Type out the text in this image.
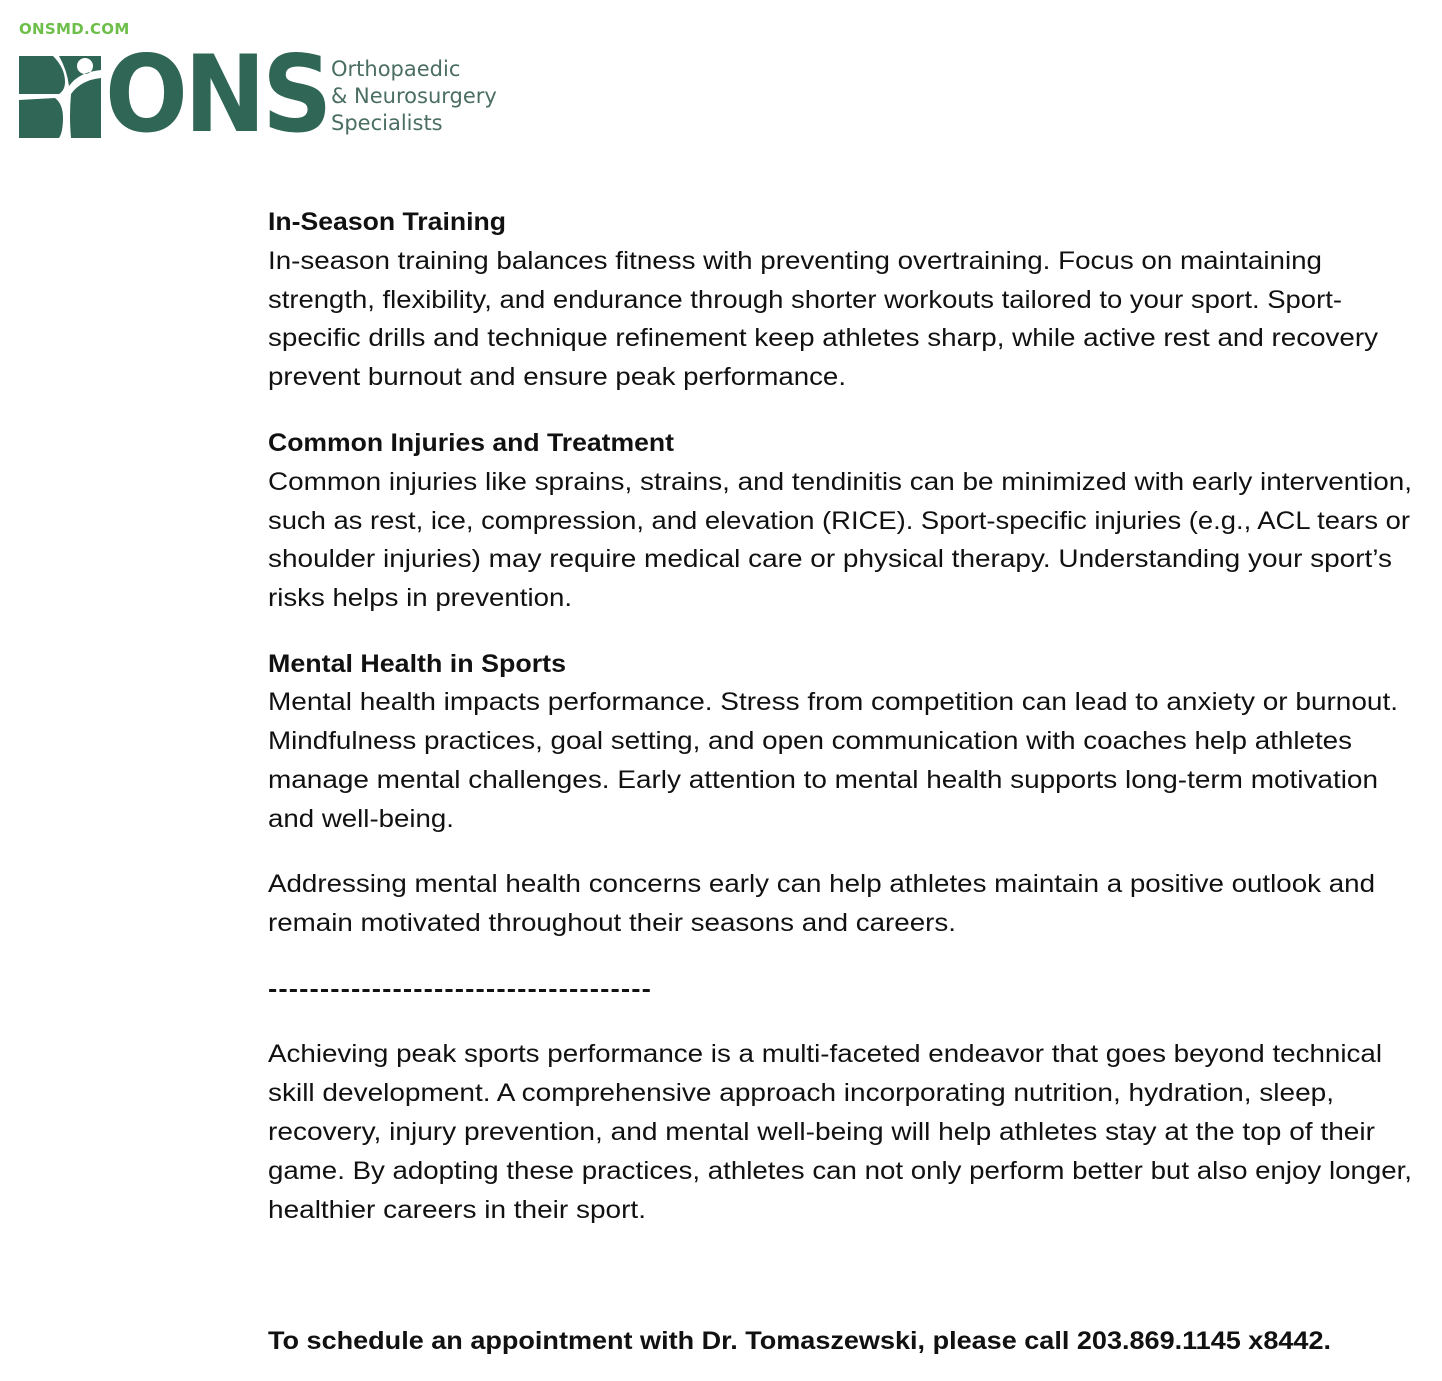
ONSMD.COM
ONS Orthopaedic
& Neurosurgery
Specialists
In-Season Training
In-season training balances fitness with preventing overtraining. Focus on maintaining
strength, flexibility, and endurance through shorter workouts tailored to your sport. Sport-
specific drills and technique refinement keep athletes sharp, while active rest and recovery
prevent burnout and ensure peak performance.
Common Injuries and Treatment
Common injuries like sprains, strains, and tendinitis can be minimized with early intervention,
such as rest, ice, compression, and elevation (RICE). Sport-specific injuries (e.g., ACL tears or
shoulder injuries) may require medical care or physical therapy. Understanding your sport’s
risks helps in prevention.
Mental Health in Sports
Mental health impacts performance. Stress from competition can lead to anxiety or burnout.
Mindfulness practices, goal setting, and open communication with coaches help athletes
manage mental challenges. Early attention to mental health supports long-term motivation
and well-being.
Addressing mental health concerns early can help athletes maintain a positive outlook and
remain motivated throughout their seasons and careers.
-------------------------------------
Achieving peak sports performance is a multi-faceted endeavor that goes beyond technical
skill development. A comprehensive approach incorporating nutrition, hydration, sleep,
recovery, injury prevention, and mental well-being will help athletes stay at the top of their
game. By adopting these practices, athletes can not only perform better but also enjoy longer,
healthier careers in their sport.
To schedule an appointment with Dr. Tomaszewski, please call 203.869.1145 x8442.
